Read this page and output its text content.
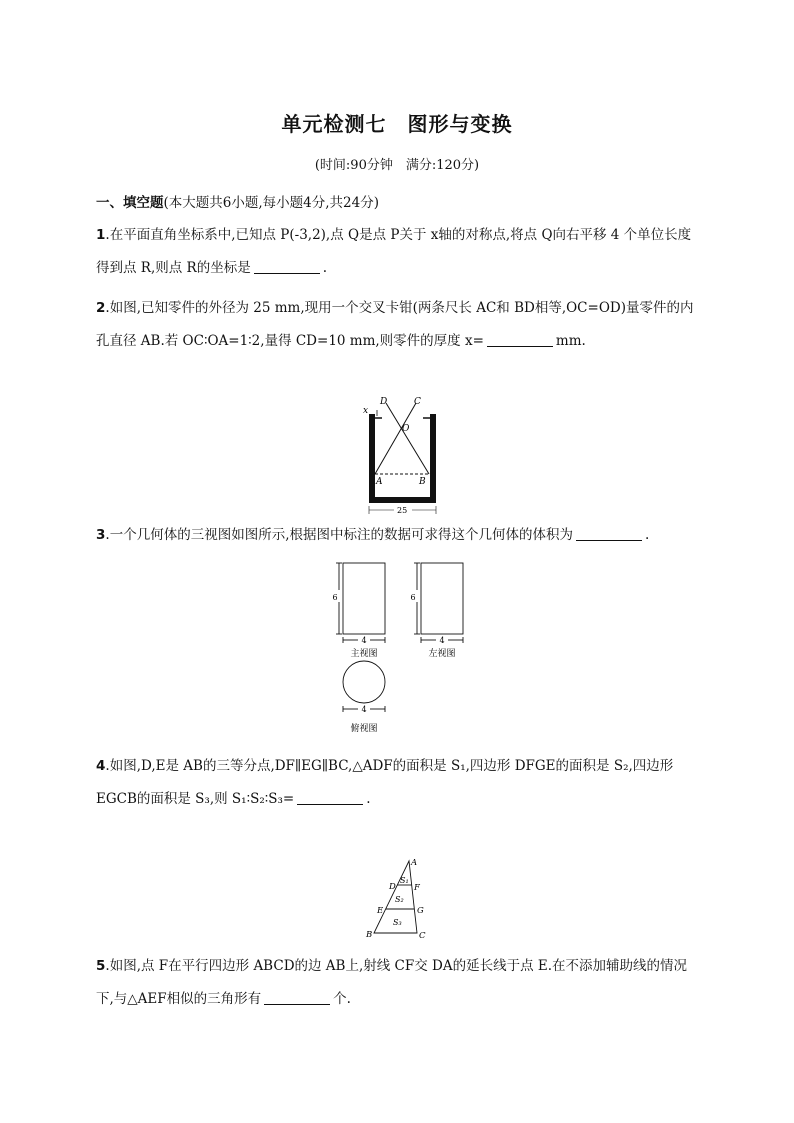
单元检测七　图形与变换
(时间:90分钟　满分:120分)
一、填空题(本大题共6小题,每小题4分,共24分)
1.在平面直角坐标系中,已知点 P(-3,2),点 Q是点 P关于 x轴的对称点,将点 Q向右平移 4 个单位长度
得到点 R,则点 R的坐标是	.
2.如图,已知零件的外径为 25 mm,现用一个交叉卡钳(两条尺长 AC和 BD相等,OC=OD)量零件的内
孔直径 AB.若 OC∶OA=1∶2,量得 CD=10 mm,则零件的厚度 x=	mm.
D	C
x
O
A	B
25
3.一个几何体的三视图如图所示,根据图中标注的数据可求得这个几何体的体积为	.
6
4
主视图
6
4
左视图
4
俯视图
4.如图,D,E是 AB的三等分点,DF∥EG∥BC,△ADF的面积是 S₁,四边形 DFGE的面积是 S₂,四边形
EGCB的面积是 S₃,则 S₁∶S₂∶S₃=	.
A
D F
E	G
B	C
S₁
S₂
S₃
5.如图,点 F在平行四边形 ABCD的边 AB上,射线 CF交 DA的延长线于点 E.在不添加辅助线的情况
下,与△AEF相似的三角形有	个.
